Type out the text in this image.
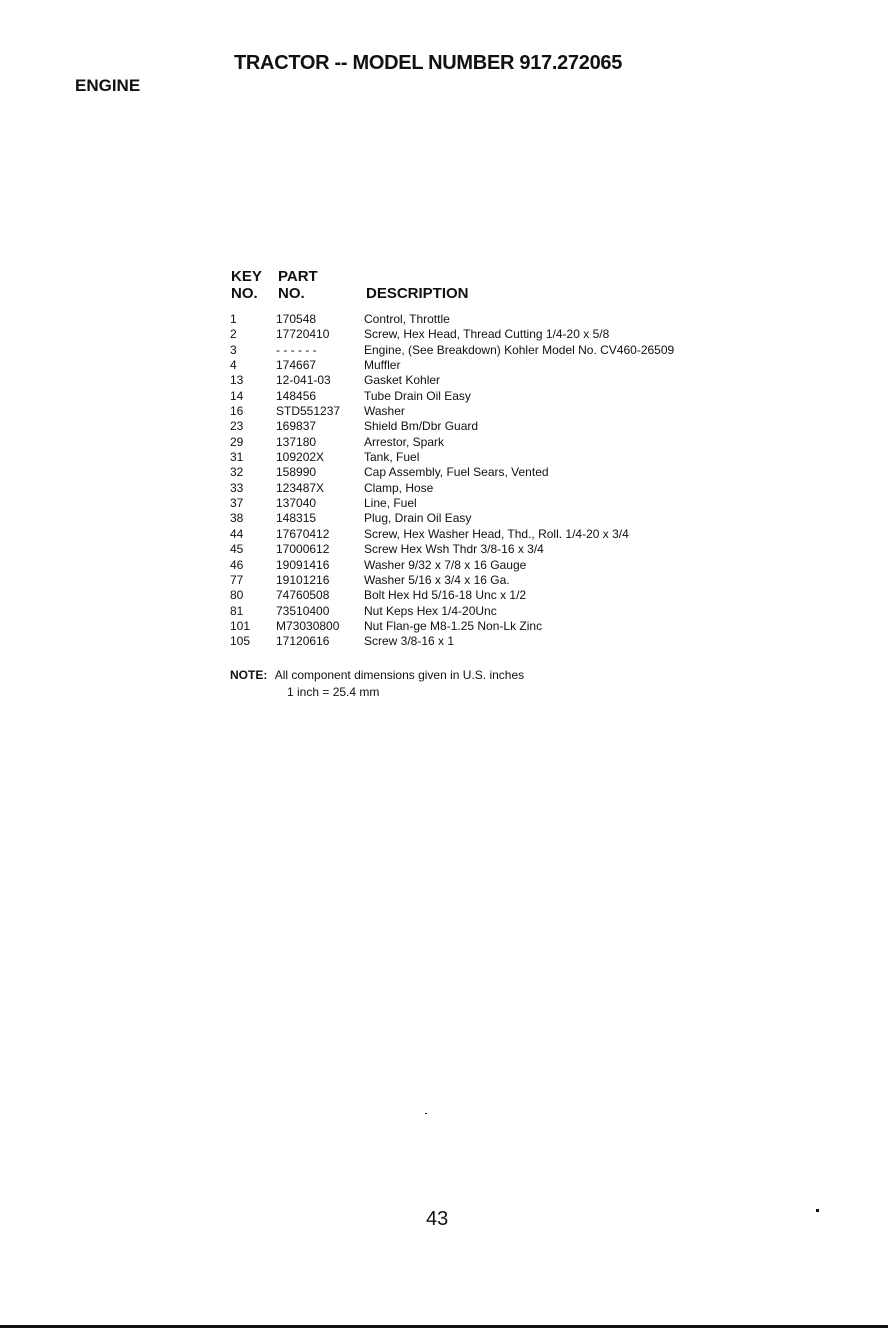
TRACTOR -- MODEL NUMBER 917.272065
ENGINE
KEY
NO.
PART
NO.	DESCRIPTION
1	170548	Control, Throttle
2	17720410	Screw, Hex Head, Thread Cutting 1/4-20 x 5/8
3	- - - - - -	Engine, (See Breakdown) Kohler Model No. CV460-26509
4	174667	Muffler
13	12-041-03	Gasket Kohler
14	148456	Tube Drain Oil Easy
16	STD551237	Washer
23	169837	Shield Bm/Dbr Guard
29	137180	Arrestor, Spark
31	109202X	Tank, Fuel
32	158990	Cap Assembly, Fuel Sears, Vented
33	123487X	Clamp, Hose
37	137040	Line, Fuel
38	148315	Plug, Drain Oil Easy
44	17670412	Screw, Hex Washer Head, Thd., Roll. 1/4-20 x 3/4
45	17000612	Screw Hex Wsh Thdr 3/8-16 x 3/4
46	19091416	Washer 9/32 x 7/8 x 16 Gauge
77	19101216	Washer 5/16 x 3/4 x 16 Ga.
80	74760508	Bolt Hex Hd 5/16-18 Unc x 1/2
81	73510400	Nut Keps Hex 1/4-20Unc
101	M73030800	Nut Flan-ge M8-1.25 Non-Lk Zinc
105	17120616	Screw 3/8-16 x 1
NOTE: All component dimensions given in U.S. inches
1 inch = 25.4 mm
43
